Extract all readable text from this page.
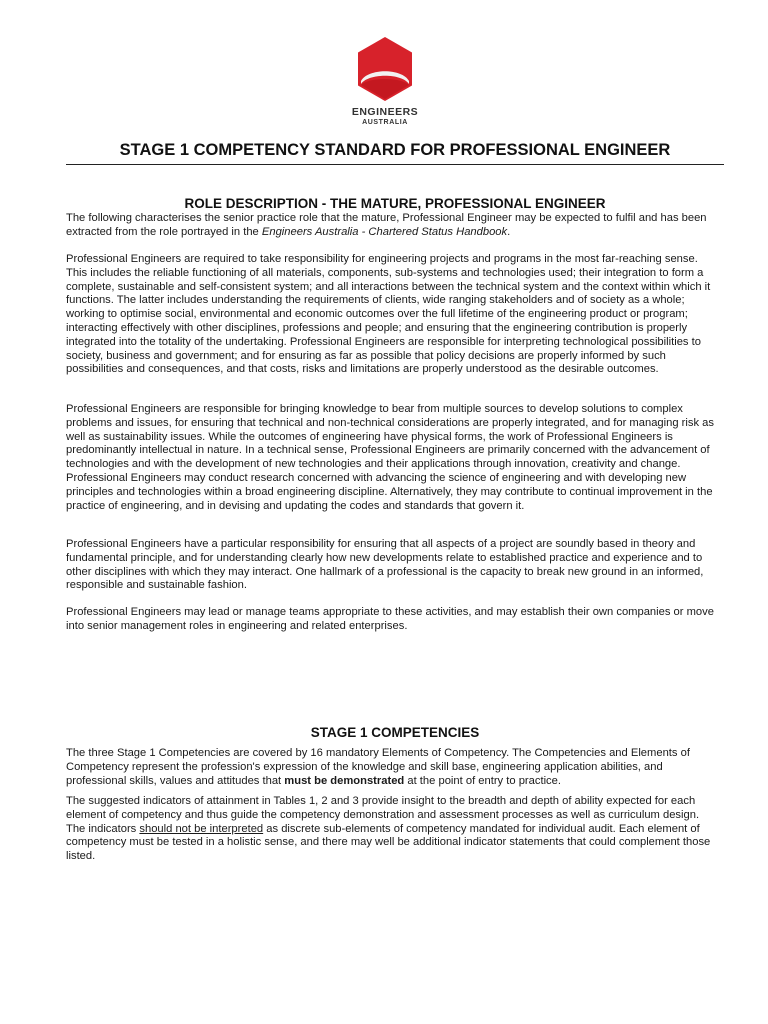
ENGINEERS
AUSTRALIA
STAGE 1 COMPETENCY STANDARD FOR PROFESSIONAL ENGINEER
ROLE DESCRIPTION - THE MATURE, PROFESSIONAL ENGINEER

The following characterises the senior practice role that the mature, Professional Engineer may be expected to fulfil and has been extracted from the role portrayed in the Engineers Australia - Chartered Status Handbook.

Professional Engineers are required to take responsibility for engineering projects and programs in the most far-reaching sense. This includes the reliable functioning of all materials, components, sub-systems and technologies used; their integration to form a complete, sustainable and self-consistent system; and all interactions between the technical system and the context within which it functions. The latter includes understanding the requirements of clients, wide ranging stakeholders and of society as a whole; working to optimise social, environmental and economic outcomes over the full lifetime of the engineering product or program; interacting effectively with other disciplines, professions and people; and ensuring that the engineering contribution is properly integrated into the totality of the undertaking. Professional Engineers are responsible for interpreting technological possibilities to society, business and government; and for ensuring as far as possible that policy decisions are properly informed by such possibilities and consequences, and that costs, risks and limitations are properly understood as the desirable outcomes.

Professional Engineers are responsible for bringing knowledge to bear from multiple sources to develop solutions to complex problems and issues, for ensuring that technical and non-technical considerations are properly integrated, and for managing risk as well as sustainability issues. While the outcomes of engineering have physical forms, the work of Professional Engineers is predominantly intellectual in nature. In a technical sense, Professional Engineers are primarily concerned with the advancement of technologies and with the development of new technologies and their applications through innovation, creativity and change. Professional Engineers may conduct research concerned with advancing the science of engineering and with developing new principles and technologies within a broad engineering discipline. Alternatively, they may contribute to continual improvement in the practice of engineering, and in devising and updating the codes and standards that govern it.

Professional Engineers have a particular responsibility for ensuring that all aspects of a project are soundly based in theory and fundamental principle, and for understanding clearly how new developments relate to established practice and experience and to other disciplines with which they may interact. One hallmark of a professional is the capacity to break new ground in an informed, responsible and sustainable fashion.

Professional Engineers may lead or manage teams appropriate to these activities, and may establish their own companies or move into senior management roles in engineering and related enterprises.

STAGE 1 COMPETENCIES

The three Stage 1 Competencies are covered by 16 mandatory Elements of Competency. The Competencies and Elements of Competency represent the profession's expression of the knowledge and skill base, engineering application abilities, and professional skills, values and attitudes that must be demonstrated at the point of entry to practice.

The suggested indicators of attainment in Tables 1, 2 and 3 provide insight to the breadth and depth of ability expected for each element of competency and thus guide the competency demonstration and assessment processes as well as curriculum design. The indicators should not be interpreted as discrete sub-elements of competency mandated for individual audit. Each element of competency must be tested in a holistic sense, and there may well be additional indicator statements that could complement those listed.
